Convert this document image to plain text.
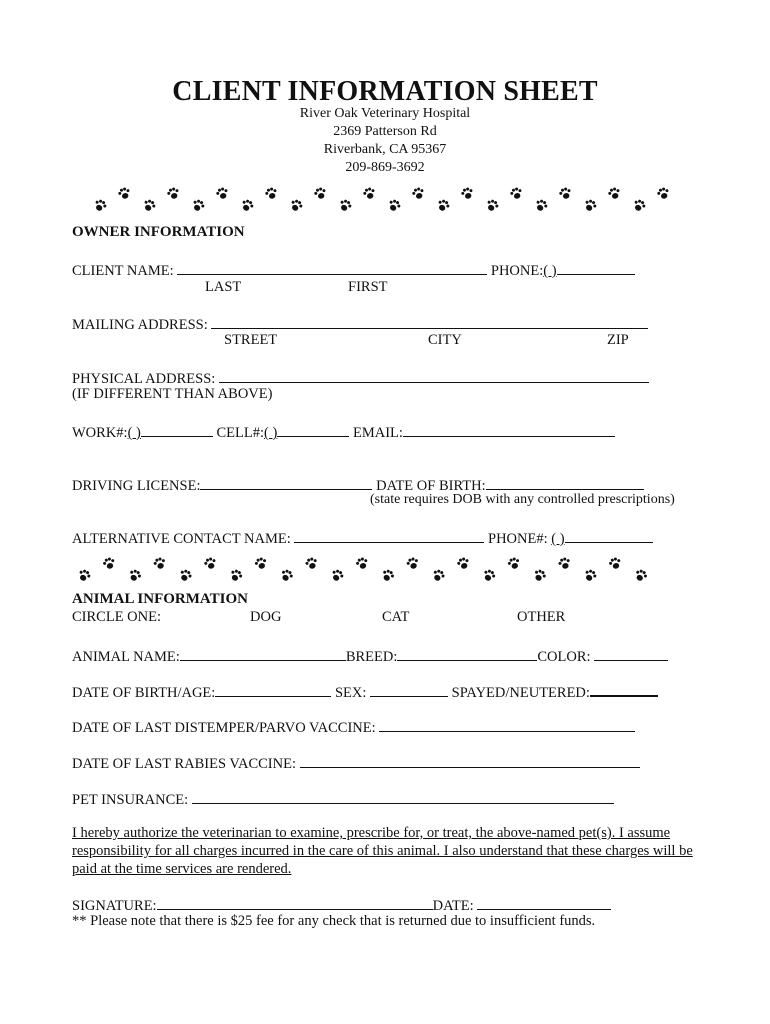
CLIENT INFORMATION SHEET
River Oak Veterinary Hospital
2369 Patterson Rd
Riverbank, CA 95367
209-869-3692
OWNER INFORMATION
CLIENT NAME:	PHONE:( )
LAST	FIRST
MAILING ADDRESS:
STREET	CITY	ZIP
PHYSICAL ADDRESS:
(IF DIFFERENT THAN ABOVE)
WORK#:( )	CELL#:( )	EMAIL:
DRIVING LICENSE:	DATE OF BIRTH:
(state requires DOB with any controlled prescriptions)
ALTERNATIVE CONTACT NAME:	PHONE#: ( )
ANIMAL INFORMATION
CIRCLE ONE:	DOG	CAT	OTHER
ANIMAL NAME:	BREED:	COLOR:
DATE OF BIRTH/AGE:	SEX:	SPAYED/NEUTERED:
DATE OF LAST DISTEMPER/PARVO VACCINE:
DATE OF LAST RABIES VACCINE:
PET INSURANCE:
I hereby authorize the veterinarian to examine, prescribe for, or treat, the above-named pet(s). I assume responsibility for all charges incurred in the care of this animal. I also understand that these charges will be paid at the time services are rendered.
SIGNATURE:	DATE:
** Please note that there is $25 fee for any check that is returned due to insufficient funds.
